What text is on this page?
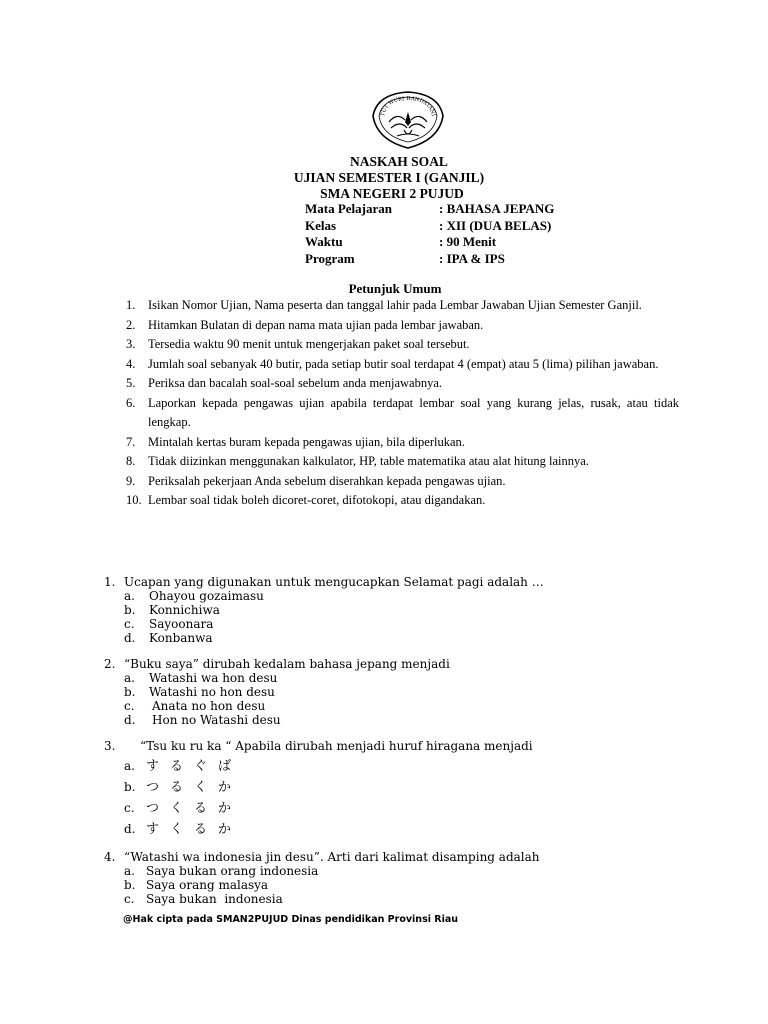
TUT WURI HANDAYANI
NASKAH SOAL
UJIAN SEMESTER I (GANJIL)
SMA NEGERI 2 PUJUD
Mata Pelajaran	: BAHASA JEPANG
Kelas	: XII (DUA BELAS)
Waktu	: 90 Menit
Program	: IPA & IPS
Petunjuk Umum
1. Isikan Nomor Ujian, Nama peserta dan tanggal lahir pada Lembar Jawaban Ujian Semester Ganjil.
2. Hitamkan Bulatan di depan nama mata ujian pada lembar jawaban.
3. Tersedia waktu 90 menit untuk mengerjakan paket soal tersebut.
4. Jumlah soal sebanyak 40 butir, pada setiap butir soal terdapat 4 (empat) atau 5 (lima) pilihan jawaban.
5. Periksa dan bacalah soal-soal sebelum anda menjawabnya.
6. Laporkan kepada pengawas ujian apabila terdapat lembar soal yang kurang jelas, rusak, atau tidak lengkap.
7. Mintalah kertas buram kepada pengawas ujian, bila diperlukan.
8. Tidak diizinkan menggunakan kalkulator, HP, table matematika atau alat hitung lainnya.
9. Periksalah pekerjaan Anda sebelum diserahkan kepada pengawas ujian.
10. Lembar soal tidak boleh dicoret-coret, difotokopi, atau digandakan.
1. Ucapan yang digunakan untuk mengucapkan Selamat pagi adalah …
a. Ohayou gozaimasu
b. Konnichiwa
c. Sayoonara
d. Konbanwa
2. “Buku saya” dirubah kedalam bahasa jepang menjadi
a. Watashi wa hon desu
b. Watashi no hon desu
c. Anata no hon desu
d. Hon no Watashi desu
3. “Tsu ku ru ka “ Apabila dirubah menjadi huruf hiragana menjadi
a. す る ぐ ば
b. つ る く か
c. つ く る か
d. す く る か
4. “Watashi wa indonesia jin desu”. Arti dari kalimat disamping adalah
a. Saya bukan orang indonesia
b. Saya orang malasya
c. Saya bukan  indonesia
@Hak cipta pada SMAN2PUJUD Dinas pendidikan Provinsi Riau
